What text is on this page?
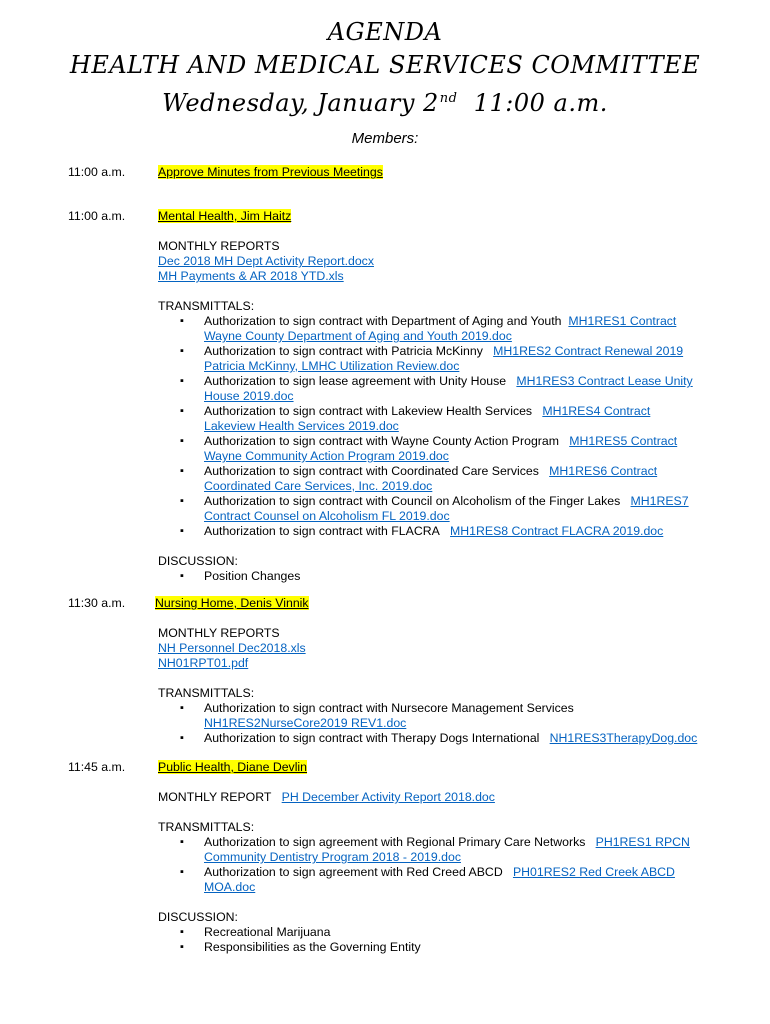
AGENDA
HEALTH AND MEDICAL SERVICES COMMITTEE
Wednesday, January 2nd  11:00 a.m.
Members:
11:00 a.m.	Approve Minutes from Previous Meetings
11:00 a.m.	Mental Health, Jim Haitz
MONTHLY REPORTS
Dec 2018 MH Dept Activity Report.docx
MH Payments & AR 2018 YTD.xls
TRANSMITTALS:
▪ Authorization to sign contract with Department of Aging and Youth MH1RES1 Contract
Wayne County Department of Aging and Youth 2019.doc
▪ Authorization to sign contract with Patricia McKinny MH1RES2 Contract Renewal 2019
Patricia McKinny, LMHC Utilization Review.doc
▪ Authorization to sign lease agreement with Unity House MH1RES3 Contract Lease Unity
House 2019.doc
▪ Authorization to sign contract with Lakeview Health Services MH1RES4 Contract
Lakeview Health Services 2019.doc
▪ Authorization to sign contract with Wayne County Action Program MH1RES5 Contract
Wayne Community Action Program 2019.doc
▪ Authorization to sign contract with Coordinated Care Services MH1RES6 Contract
Coordinated Care Services, Inc. 2019.doc
▪ Authorization to sign contract with Council on Alcoholism of the Finger Lakes MH1RES7
Contract Counsel on Alcoholism FL 2019.doc
▪ Authorization to sign contract with FLACRA MH1RES8 Contract FLACRA 2019.doc
DISCUSSION:
▪ Position Changes
11:30 a.m. Nursing Home, Denis Vinnik
MONTHLY REPORTS
NH Personnel Dec2018.xls
NH01RPT01.pdf
TRANSMITTALS:
▪ Authorization to sign contract with Nursecore Management Services
NH1RES2NurseCore2019 REV1.doc
▪ Authorization to sign contract with Therapy Dogs International NH1RES3TherapyDog.doc
11:45 a.m.	Public Health, Diane Devlin
MONTHLY REPORT PH December Activity Report 2018.doc
TRANSMITTALS:
▪ Authorization to sign agreement with Regional Primary Care Networks PH1RES1 RPCN
Community Dentistry Program 2018 - 2019.doc
▪ Authorization to sign agreement with Red Creed ABCD PH01RES2 Red Creek ABCD
MOA.doc
DISCUSSION:
▪ Recreational Marijuana
▪ Responsibilities as the Governing Entity
